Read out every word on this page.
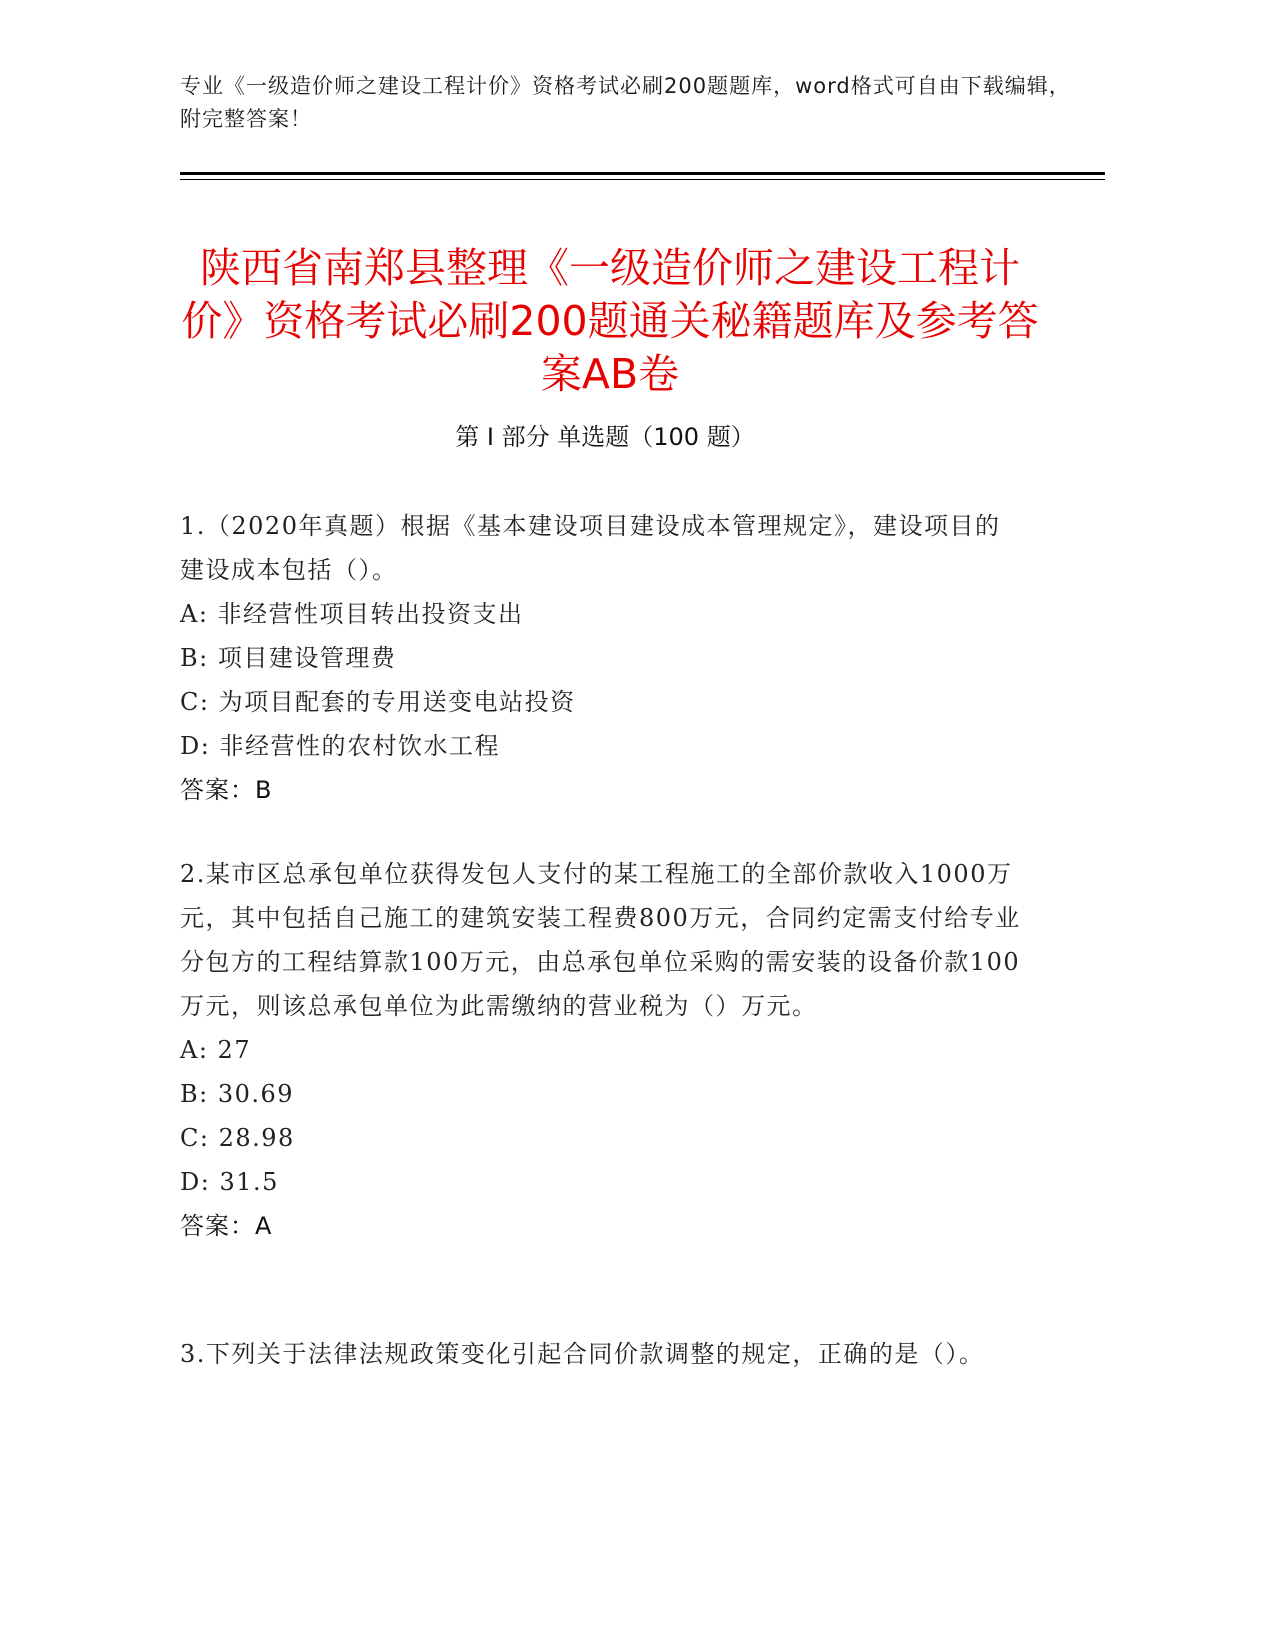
专业《一级造价师之建设工程计价》资格考试必刷200题题库，word格式可自由下载编辑，附完整答案！
陕西省南郑县整理《一级造价师之建设工程计价》资格考试必刷200题通关秘籍题库及参考答案AB卷
第 I 部分 单选题（100 题）
1.（2020年真题）根据《基本建设项目建设成本管理规定》，建设项目的建设成本包括（）。
A: 非经营性项目转出投资支出
B: 项目建设管理费
C: 为项目配套的专用送变电站投资
D: 非经营性的农村饮水工程
答案：B
2.某市区总承包单位获得发包人支付的某工程施工的全部价款收入1000万元，其中包括自己施工的建筑安装工程费800万元，合同约定需支付给专业分包方的工程结算款100万元，由总承包单位采购的需安装的设备价款100万元，则该总承包单位为此需缴纳的营业税为（）万元。
A: 27
B: 30.69
C: 28.98
D: 31.5
答案：A
3.下列关于法律法规政策变化引起合同价款调整的规定，正确的是（）。
